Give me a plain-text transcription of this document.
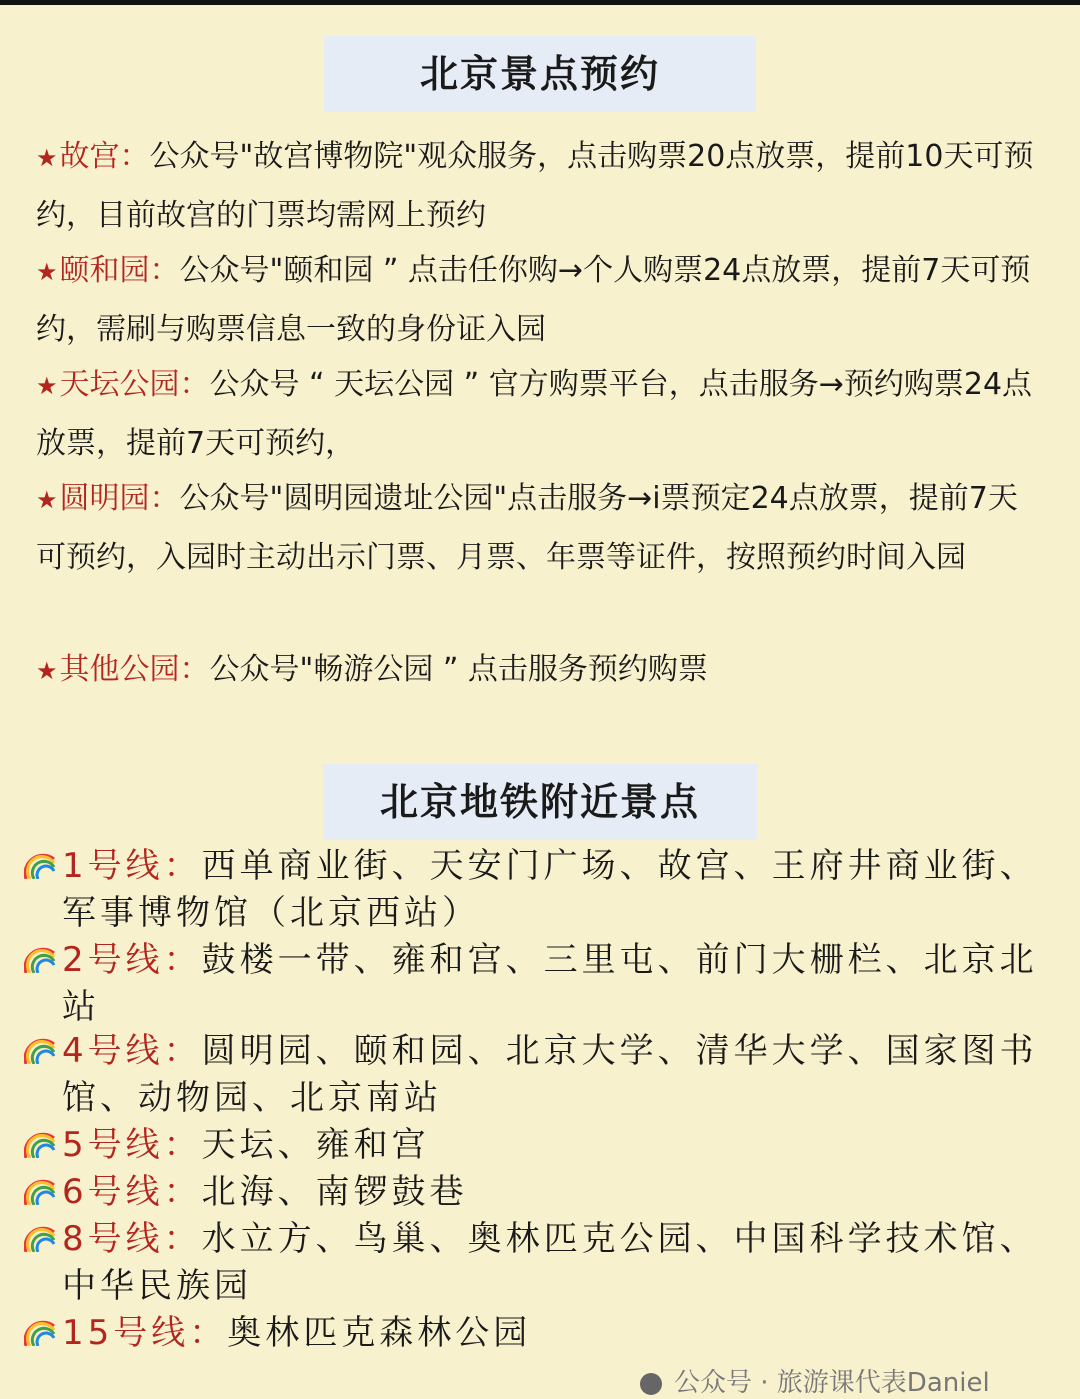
北京景点预约
★故宫：公众号"故宫博物院"观众服务，点击购票20点放票，提前10天可预约，目前故宫的门票均需网上预约
★颐和园：公众号"颐和园 ” 点击任你购→个人购票24点放票，提前7天可预约，需刷与购票信息一致的身份证入园
★天坛公园：公众号 “ 天坛公园 ” 官方购票平台，点击服务→预约购票24点放票，提前7天可预约，
★圆明园：公众号"圆明园遗址公园"点击服务→i票预定24点放票，提前7天可预约，入园时主动出示门票、月票、年票等证件，按照预约时间入园
★其他公园：公众号"畅游公园 ” 点击服务预约购票
北京地铁附近景点
1号线：西单商业街、天安门广场、故宫、王府井商业街、军事博物馆（北京西站）
2号线：鼓楼一带、雍和宫、三里屯、前门大栅栏、北京北站
4号线：圆明园、颐和园、北京大学、清华大学、国家图书馆、动物园、北京南站
5号线：天坛、雍和宫
6号线：北海、南锣鼓巷
8号线：水立方、鸟巢、奥林匹克公园、中国科学技术馆、中华民族园
15号线：奥林匹克森林公园
公众号 · 旅游课代表Daniel
